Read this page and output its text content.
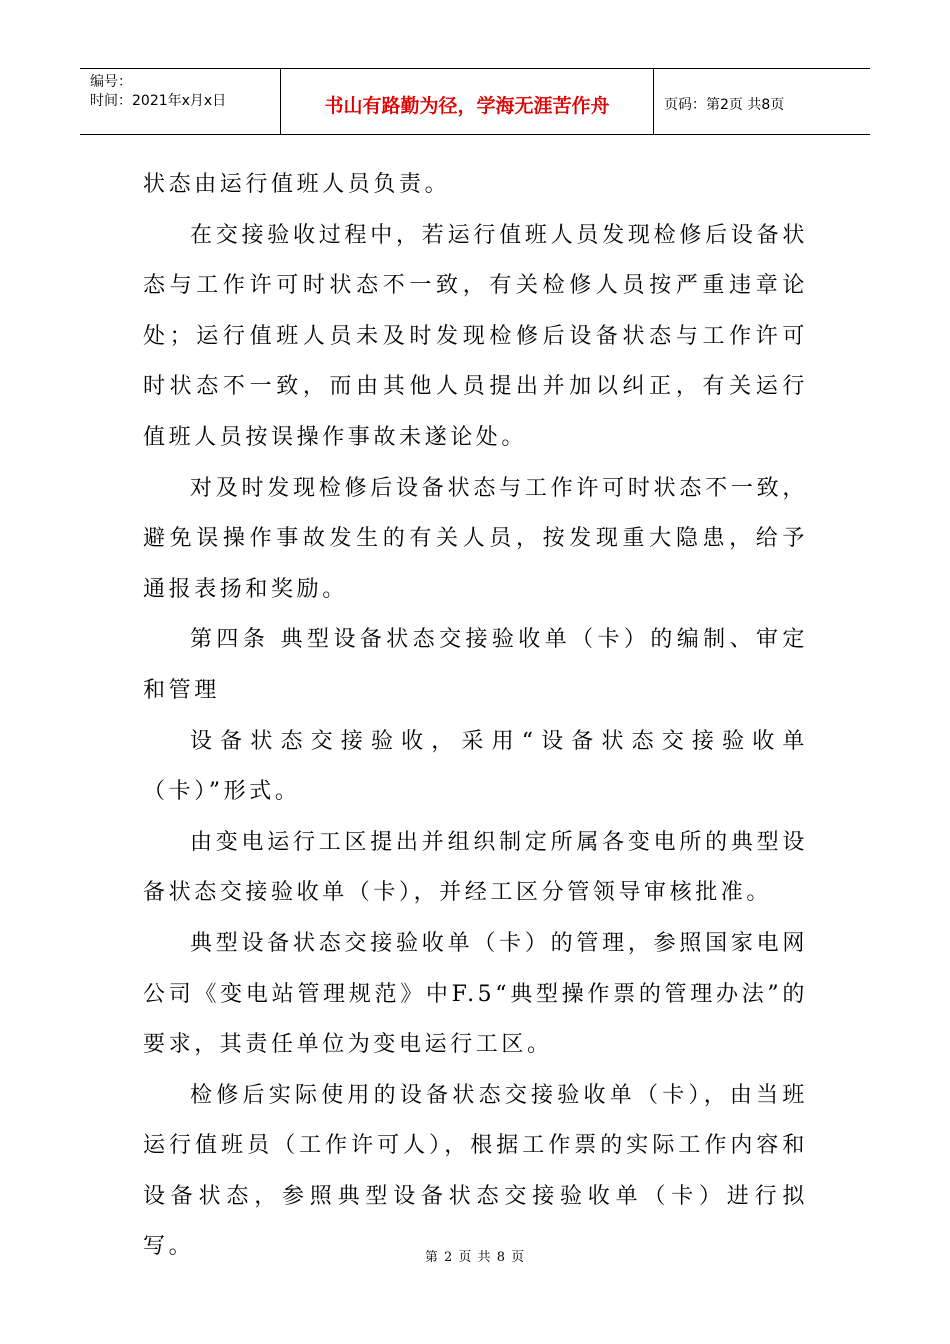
编号：
时间：2021年x月x日	书山有路勤为径，学海无涯苦作舟	页码：第2页 共8页

状态由运行值班人员负责。

在交接验收过程中，若运行值班人员发现检修后设备状态与工作许可时状态不一致，有关检修人员按严重违章论处；运行值班人员未及时发现检修后设备状态与工作许可时状态不一致，而由其他人员提出并加以纠正，有关运行值班人员按误操作事故未遂论处。

对及时发现检修后设备状态与工作许可时状态不一致，避免误操作事故发生的有关人员，按发现重大隐患，给予通报表扬和奖励。

第四条 典型设备状态交接验收单（卡）的编制、审定和管理

设备状态交接验收，采用“设备状态交接验收单（卡）”形式。

由变电运行工区提出并组织制定所属各变电所的典型设备状态交接验收单（卡），并经工区分管领导审核批准。

典型设备状态交接验收单（卡）的管理，参照国家电网公司《变电站管理规范》中F.5“典型操作票的管理办法”的要求，其责任单位为变电运行工区。

检修后实际使用的设备状态交接验收单（卡），由当班运行值班员（工作许可人），根据工作票的实际工作内容和设备状态，参照典型设备状态交接验收单（卡）进行拟写。	第 2 页 共 8 页
